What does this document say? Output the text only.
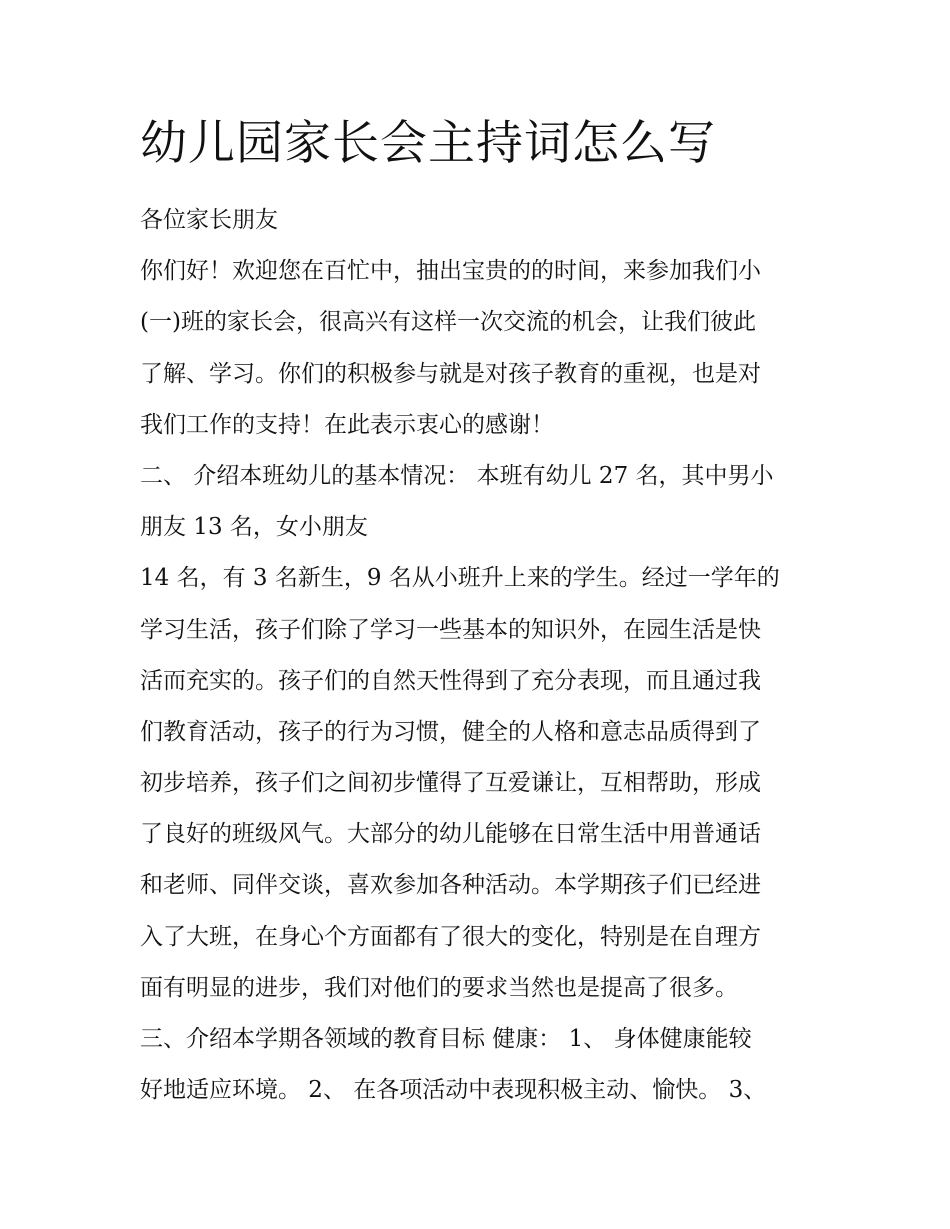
幼儿园家长会主持词怎么写
各位家长朋友
你们好！欢迎您在百忙中，抽出宝贵的的时间，来参加我们小
(一)班的家长会，很高兴有这样一次交流的机会，让我们彼此
了解、学习。你们的积极参与就是对孩子教育的重视，也是对
我们工作的支持！在此表示衷心的感谢！
二、 介绍本班幼儿的基本情况： 本班有幼儿 27 名，其中男小
朋友 13 名，女小朋友
14 名，有 3 名新生，9 名从小班升上来的学生。经过一学年的
学习生活，孩子们除了学习一些基本的知识外，在园生活是快
活而充实的。孩子们的自然天性得到了充分表现，而且通过我
们教育活动，孩子的行为习惯，健全的人格和意志品质得到了
初步培养，孩子们之间初步懂得了互爱谦让，互相帮助，形成
了良好的班级风气。大部分的幼儿能够在日常生活中用普通话
和老师、同伴交谈，喜欢参加各种活动。本学期孩子们已经进
入了大班，在身心个方面都有了很大的变化，特别是在自理方
面有明显的进步，我们对他们的要求当然也是提高了很多。
三、介绍本学期各领域的教育目标 健康： 1、 身体健康能较
好地适应环境。 2、 在各项活动中表现积极主动、愉快。 3、
